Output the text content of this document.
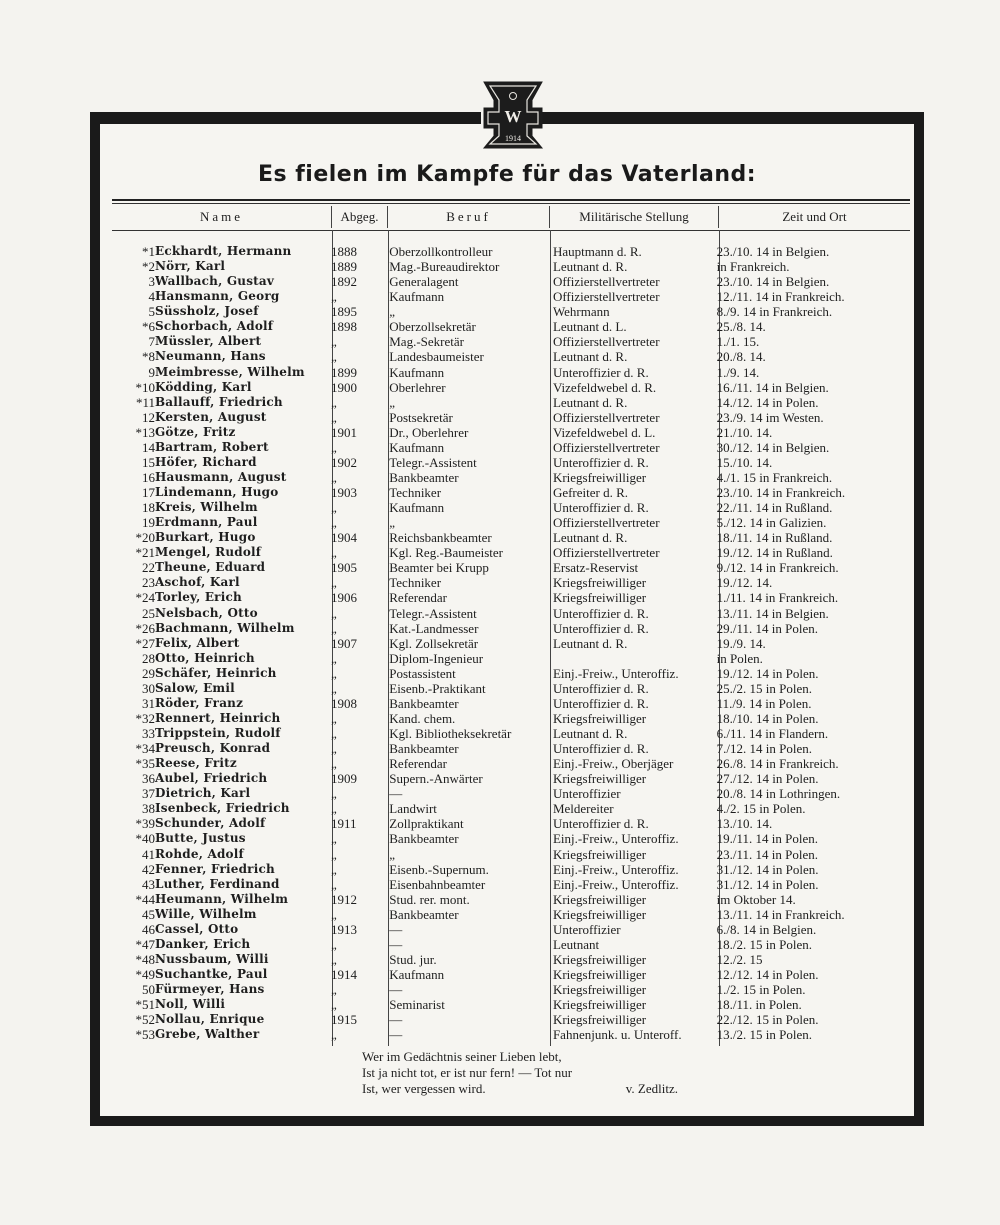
W
1914
Es fielen im Kampfe für das Vaterland:
Name	Abgeg.	Beruf	Militärische Stellung	Zeit und Ort
*1	Eckhardt, Hermann	1888	Oberzollkontrolleur	Hauptmann d. R.	23./10. 14 in Belgien.
*2	Nörr, Karl	1889	Mag.-Bureaudirektor	Leutnant d. R.	in Frankreich.
3	Wallbach, Gustav	1892	Generalagent	Offizierstellvertreter	23./10. 14 in Belgien.
4	Hansmann, Georg	„	Kaufmann	Offizierstellvertreter	12./11. 14 in Frankreich.
5	Süssholz, Josef	1895	„	Wehrmann	8./9. 14 in Frankreich.
*6	Schorbach, Adolf	1898	Oberzollsekretär	Leutnant d. L.	25./8. 14.
7	Müssler, Albert	„	Mag.-Sekretär	Offizierstellvertreter	1./1. 15.
*8	Neumann, Hans	„	Landesbaumeister	Leutnant d. R.	20./8. 14.
9	Meimbresse, Wilhelm	1899	Kaufmann	Unteroffizier d. R.	1./9. 14.
*10	Ködding, Karl	1900	Oberlehrer	Vizefeldwebel d. R.	16./11. 14 in Belgien.
*11	Ballauff, Friedrich	„	„	Leutnant d. R.	14./12. 14 in Polen.
12	Kersten, August	„	Postsekretär	Offizierstellvertreter	23./9. 14 im Westen.
*13	Götze, Fritz	1901	Dr., Oberlehrer	Vizefeldwebel d. L.	21./10. 14.
14	Bartram, Robert	„	Kaufmann	Offizierstellvertreter	30./12. 14 in Belgien.
15	Höfer, Richard	1902	Telegr.-Assistent	Unteroffizier d. R.	15./10. 14.
16	Hausmann, August	„	Bankbeamter	Kriegsfreiwilliger	4./1. 15 in Frankreich.
17	Lindemann, Hugo	1903	Techniker	Gefreiter d. R.	23./10. 14 in Frankreich.
18	Kreis, Wilhelm	„	Kaufmann	Unteroffizier d. R.	22./11. 14 in Rußland.
19	Erdmann, Paul	„	„	Offizierstellvertreter	5./12. 14 in Galizien.
*20	Burkart, Hugo	1904	Reichsbankbeamter	Leutnant d. R.	18./11. 14 in Rußland.
*21	Mengel, Rudolf	„	Kgl. Reg.-Baumeister	Offizierstellvertreter	19./12. 14 in Rußland.
22	Theune, Eduard	1905	Beamter bei Krupp	Ersatz-Reservist	9./12. 14 in Frankreich.
23	Aschof, Karl	„	Techniker	Kriegsfreiwilliger	19./12. 14.
*24	Torley, Erich	1906	Referendar	Kriegsfreiwilliger	1./11. 14 in Frankreich.
25	Nelsbach, Otto	„	Telegr.-Assistent	Unteroffizier d. R.	13./11. 14 in Belgien.
*26	Bachmann, Wilhelm	„	Kat.-Landmesser	Unteroffizier d. R.	29./11. 14 in Polen.
*27	Felix, Albert	1907	Kgl. Zollsekretär	Leutnant d. R.	19./9. 14.
28	Otto, Heinrich	„	Diplom-Ingenieur		in Polen.
29	Schäfer, Heinrich	„	Postassistent	Einj.-Freiw., Unteroffiz.	19./12. 14 in Polen.
30	Salow, Emil	„	Eisenb.-Praktikant	Unteroffizier d. R.	25./2. 15 in Polen.
31	Röder, Franz	1908	Bankbeamter	Unteroffizier d. R.	11./9. 14 in Polen.
*32	Rennert, Heinrich	„	Kand. chem.	Kriegsfreiwilliger	18./10. 14 in Polen.
33	Trippstein, Rudolf	„	Kgl. Bibliotheksekretär	Leutnant d. R.	6./11. 14 in Flandern.
*34	Preusch, Konrad	„	Bankbeamter	Unteroffizier d. R.	7./12. 14 in Polen.
*35	Reese, Fritz	„	Referendar	Einj.-Freiw., Oberjäger	26./8. 14 in Frankreich.
36	Aubel, Friedrich	1909	Supern.-Anwärter	Kriegsfreiwilliger	27./12. 14 in Polen.
37	Dietrich, Karl	„	—	Unteroffizier	20./8. 14 in Lothringen.
38	Isenbeck, Friedrich	„	Landwirt	Meldereiter	4./2. 15 in Polen.
*39	Schunder, Adolf	1911	Zollpraktikant	Unteroffizier d. R.	13./10. 14.
*40	Butte, Justus	„	Bankbeamter	Einj.-Freiw., Unteroffiz.	19./11. 14 in Polen.
41	Rohde, Adolf	„	„	Kriegsfreiwilliger	23./11. 14 in Polen.
42	Fenner, Friedrich	„	Eisenb.-Supernum.	Einj.-Freiw., Unteroffiz.	31./12. 14 in Polen.
43	Luther, Ferdinand	„	Eisenbahnbeamter	Einj.-Freiw., Unteroffiz.	31./12. 14 in Polen.
*44	Heumann, Wilhelm	1912	Stud. rer. mont.	Kriegsfreiwilliger	im Oktober 14.
45	Wille, Wilhelm	„	Bankbeamter	Kriegsfreiwilliger	13./11. 14 in Frankreich.
46	Cassel, Otto	1913	—	Unteroffizier	6./8. 14 in Belgien.
*47	Danker, Erich	„	—	Leutnant	18./2. 15 in Polen.
*48	Nussbaum, Willi	„	Stud. jur.	Kriegsfreiwilliger	12./2. 15
*49	Suchantke, Paul	1914	Kaufmann	Kriegsfreiwilliger	12./12. 14 in Polen.
50	Fürmeyer, Hans	„	—	Kriegsfreiwilliger	1./2. 15 in Polen.
*51	Noll, Willi	„	Seminarist	Kriegsfreiwilliger	18./11. in Polen.
*52	Nollau, Enrique	1915	—	Kriegsfreiwilliger	22./12. 15 in Polen.
*53	Grebe, Walther	„	—	Fahnenjunk. u. Unteroff.	13./2. 15 in Polen.
Wer im Gedächtnis seiner Lieben lebt,
Ist ja nicht tot, er ist nur fern! — Tot nur
Ist, wer vergessen wird.	v. Zedlitz.
